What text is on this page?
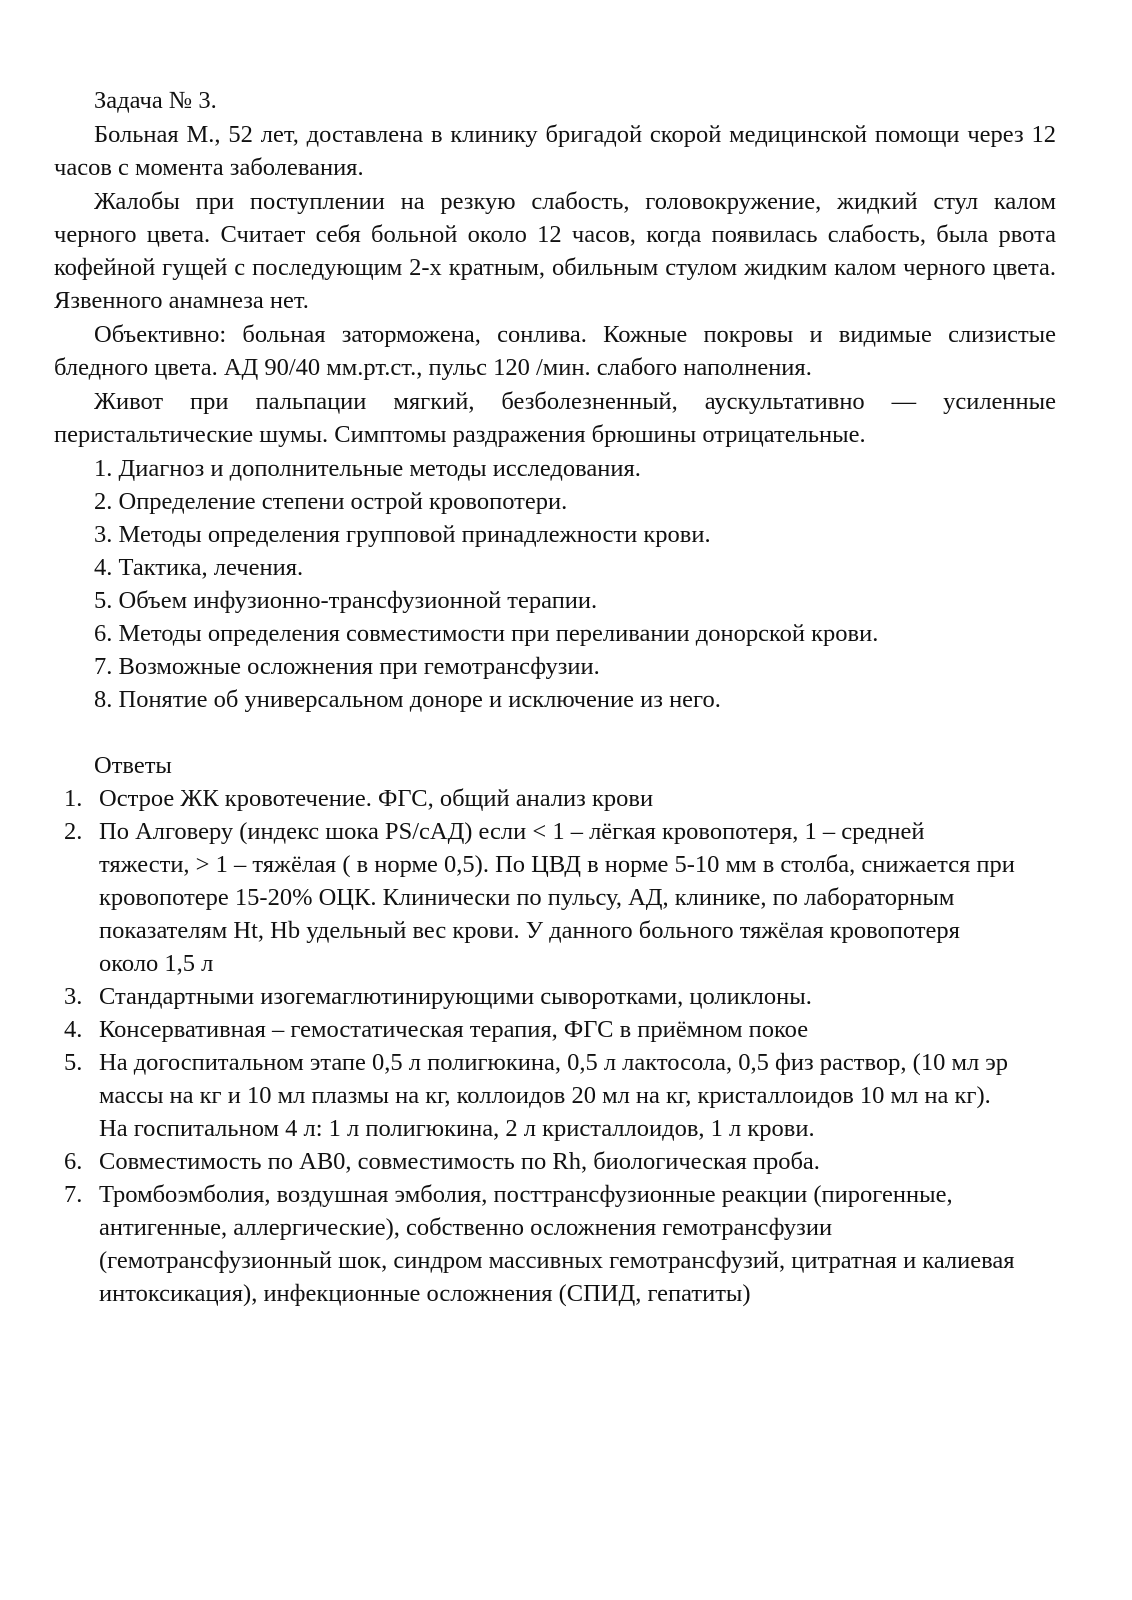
Задача № 3.
Больная М., 52 лет, доставлена в клинику бригадой скорой медицинской помощи через 12 часов с момента заболевания.
Жалобы при поступлении на резкую слабость, головокружение, жидкий стул калом черного цвета. Считает себя больной около 12 часов, когда появилась слабость, была рвота кофейной гущей с последующим 2-х кратным, обильным стулом жидким калом черного цвета. Язвенного анамнеза нет.
Объективно: больная заторможена, сонлива. Кожные покровы и видимые слизистые бледного цвета. АД 90/40 мм.рт.ст., пульс 120 /мин. слабого наполнения.
Живот при пальпации мягкий, безболезненный, аускультативно — усиленные перистальтические шумы. Симптомы раздражения брюшины отрицательные.
1. Диагноз и дополнительные методы исследования.
2. Определение степени острой кровопотери.
3. Методы определения групповой принадлежности крови.
4. Тактика, лечения.
5. Объем инфузионно-трансфузионной терапии.
6. Методы определения совместимости при переливании донорской крови.
7. Возможные осложнения при гемотрансфузии.
8. Понятие об универсальном доноре и исключение из него.
Ответы
1. Острое ЖК кровотечение. ФГС, общий анализ крови
2. По Алговеру (индекс шока PS/сАД) если < 1 – лёгкая кровопотеря, 1 – средней тяжести, > 1 – тяжёлая ( в норме 0,5). По ЦВД в норме 5-10 мм в столба, снижается при кровопотере 15-20% ОЦК. Клинически по пульсу, АД, клинике, по лабораторным показателям Ht, Hb удельный вес крови. У данного больного тяжёлая кровопотеря около 1,5 л
3. Стандартными изогемаглютинирующими сыворотками, цоликлоны.
4. Консервативная – гемостатическая терапия, ФГС в приёмном покое
5. На догоспитальном этапе 0,5 л полигюкина, 0,5 л лактосола, 0,5 физ раствор, (10 мл эр массы на кг и 10 мл плазмы на кг, коллоидов 20 мл на кг, кристаллоидов 10 мл на кг). На госпитальном 4 л: 1 л полигюкина, 2 л кристаллоидов, 1 л крови.
6. Совместимость по АВ0, совместимость по Rh, биологическая проба.
7. Тромбоэмболия, воздушная эмболия, посттрансфузионные реакции (пирогенные, антигенные, аллергические), собственно осложнения гемотрансфузии (гемотрансфузионный шок, синдром массивных гемотрансфузий, цитратная и калиевая интоксикация), инфекционные осложнения (СПИД, гепатиты)
